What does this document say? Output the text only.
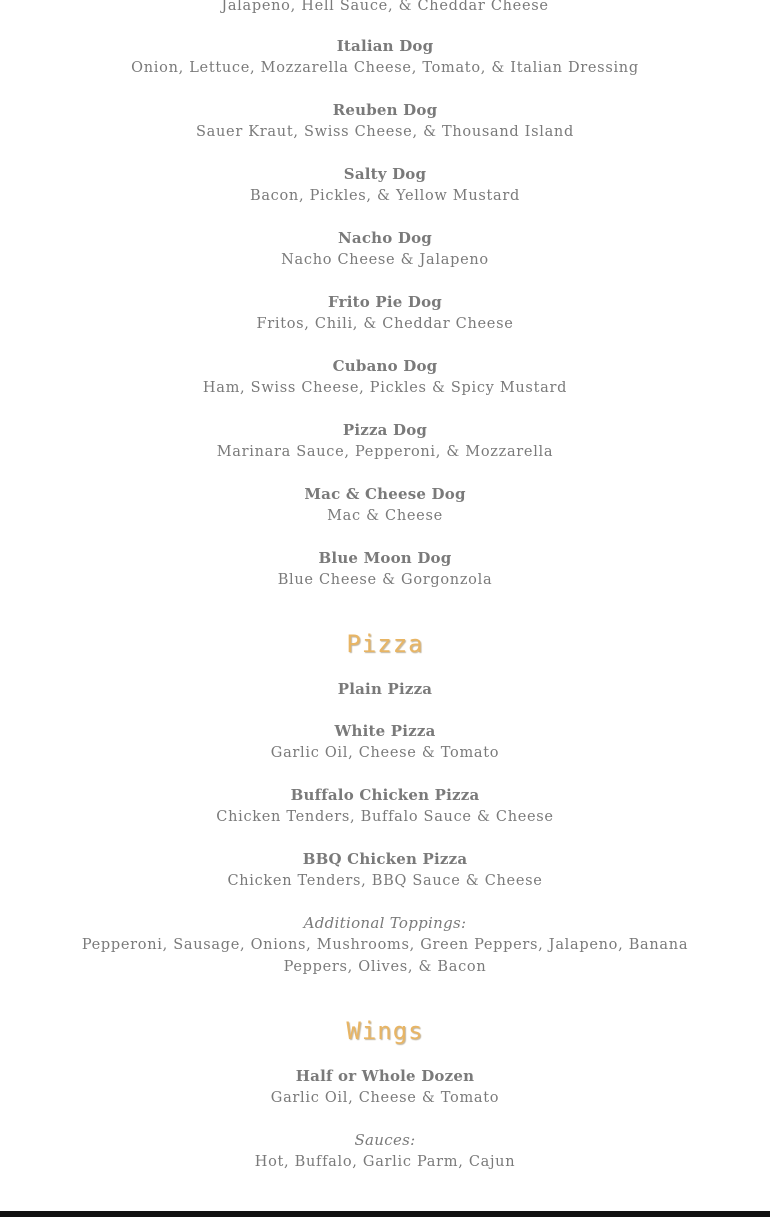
Jalapeno, Hell Sauce, & Cheddar Cheese
Italian Dog
Onion, Lettuce, Mozzarella Cheese, Tomato, & Italian Dressing
Reuben Dog
Sauer Kraut, Swiss Cheese, & Thousand Island
Salty Dog
Bacon, Pickles, & Yellow Mustard
Nacho Dog
Nacho Cheese & Jalapeno
Frito Pie Dog
Fritos, Chili, & Cheddar Cheese
Cubano Dog
Ham, Swiss Cheese, Pickles & Spicy Mustard
Pizza Dog
Marinara Sauce, Pepperoni, & Mozzarella
Mac & Cheese Dog
Mac & Cheese
Blue Moon Dog
Blue Cheese & Gorgonzola
Pizza
Plain Pizza
White Pizza
Garlic Oil, Cheese & Tomato
Buffalo Chicken Pizza
Chicken Tenders, Buffalo Sauce & Cheese
BBQ Chicken Pizza
Chicken Tenders, BBQ Sauce & Cheese
Additional Toppings:
Pepperoni, Sausage, Onions, Mushrooms, Green Peppers, Jalapeno, Banana Peppers, Olives, & Bacon
Wings
Half or Whole Dozen
Garlic Oil, Cheese & Tomato
Sauces:
Hot, Buffalo, Garlic Parm, Cajun
